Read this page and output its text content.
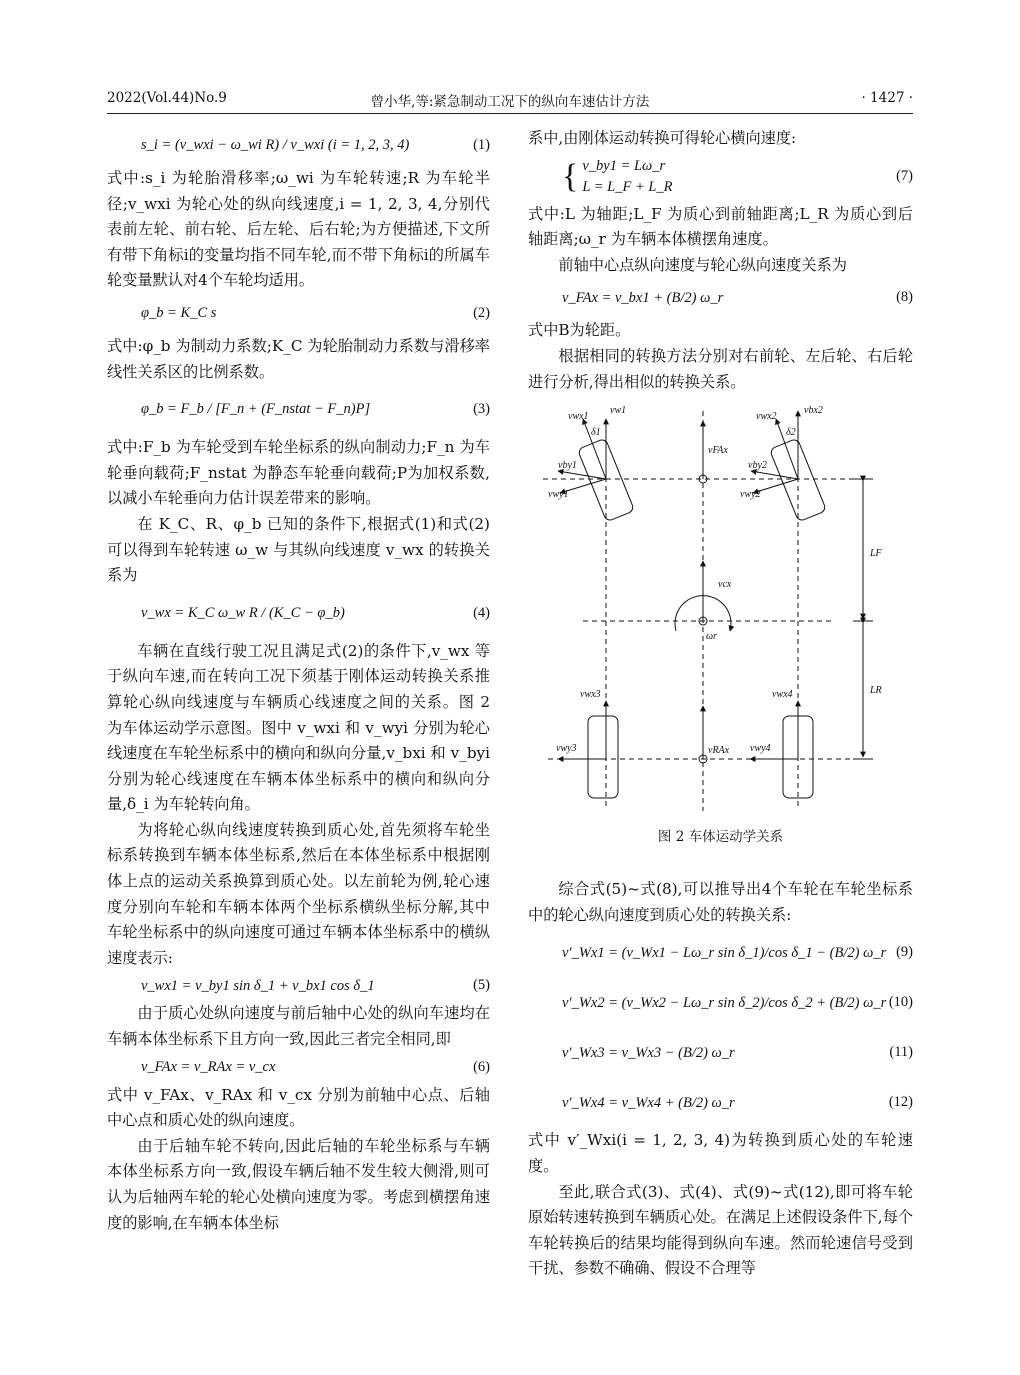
2022(Vol.44)No.9	曾小华,等:紧急制动工况下的纵向车速估计方法	· 1427 ·
s_i = (v_wxi − ω_wi R) / v_wxi (i = 1, 2, 3, 4)	(1)

式中:s_i 为轮胎滑移率;ω_wi 为车轮转速;R 为车轮半径;v_wxi 为轮心处的纵向线速度,i = 1, 2, 3, 4,分别代表前左轮、前右轮、后左轮、后右轮;为方便描述,下文所有带下角标i的变量均指不同车轮,而不带下角标i的所属车轮变量默认对4个车轮均适用。

φ_b = K_C s	(2)

式中:φ_b 为制动力系数;K_C 为轮胎制动力系数与滑移率线性关系区的比例系数。

φ_b = F_b / [F_n + (F_nstat − F_n)P]	(3)

式中:F_b 为车轮受到车轮坐标系的纵向制动力;F_n 为车轮垂向载荷;F_nstat 为静态车轮垂向载荷;P为加权系数,以减小车轮垂向力估计误差带来的影响。

在 K_C、R、φ_b 已知的条件下,根据式(1)和式(2)可以得到车轮转速 ω_w 与其纵向线速度 v_wx 的转换关系为

v_wx = K_C ω_w R / (K_C − φ_b)	(4)

车辆在直线行驶工况且满足式(2)的条件下,v_wx 等于纵向车速,而在转向工况下须基于刚体运动转换关系推算轮心纵向线速度与车辆质心线速度之间的关系。图 2 为车体运动学示意图。图中 v_wxi 和 v_wyi 分别为轮心线速度在车轮坐标系中的横向和纵向分量,v_bxi 和 v_byi 分别为轮心线速度在车辆本体坐标系中的横向和纵向分量,δ_i 为车轮转向角。

为将轮心纵向线速度转换到质心处,首先须将车轮坐标系转换到车辆本体坐标系,然后在本体坐标系中根据刚体上点的运动关系换算到质心处。以左前轮为例,轮心速度分别向车轮和车辆本体两个坐标系横纵坐标分解,其中车轮坐标系中的纵向速度可通过车辆本体坐标系中的横纵速度表示:

v_wx1 = v_by1 sin δ_1 + v_bx1 cos δ_1	(5)

由于质心处纵向速度与前后轴中心处的纵向车速均在车辆本体坐标系下且方向一致,因此三者完全相同,即

v_FAx = v_RAx = v_cx	(6)

式中 v_FAx、v_RAx 和 v_cx 分别为前轴中心点、后轴中心点和质心处的纵向速度。

由于后轴车轮不转向,因此后轴的车轮坐标系与车辆本体坐标系方向一致,假设车辆后轴不发生较大侧滑,则可认为后轴两车轮的轮心处横向速度为零。考虑到横摆角速度的影响,在车辆本体坐标

系中,由刚体运动转换可得轮心横向速度:

{ v_by1 = Lω_r
L = L_F + L_R
(7)

式中:L 为轴距;L_F 为质心到前轴距离;L_R 为质心到后轴距离;ω_r 为车辆本体横摆角速度。

前轴中心点纵向速度与轮心纵向速度关系为

v_FAx = v_bx1 + (B/2) ω_r	(8)

式中B为轮距。

根据相同的转换方法分别对右前轮、左后轮、右后轮进行分析,得出相似的转换关系。

vwx1
vw1
δ1
vby1
vwy1
vFAx
vwx2
vbx2
δ2
vby2
vwy2
LF
LR
vcx
ωr
vwx3
vwy3
vwx4
vwy4
vRAx
图 2 车体运动学关系

综合式(5)~式(8),可以推导出4个车轮在车轮坐标系中的轮心纵向速度到质心处的转换关系:

v′_Wx1 = (v_Wx1 − Lω_r sin δ_1)/cos δ_1 − (B/2) ω_r (9)
v′_Wx2 = (v_Wx2 − Lω_r sin δ_2)/cos δ_2 + (B/2) ω_r (10)
v′_Wx3 = v_Wx3 − (B/2) ω_r	(11)
v′_Wx4 = v_Wx4 + (B/2) ω_r	(12)

式中 v′_Wxi(i = 1, 2, 3, 4)为转换到质心处的车轮速度。

至此,联合式(3)、式(4)、式(9)~式(12),即可将车轮原始转速转换到车辆质心处。在满足上述假设条件下,每个车轮转换后的结果均能得到纵向车速。然而轮速信号受到干扰、参数不确确、假设不合理等
